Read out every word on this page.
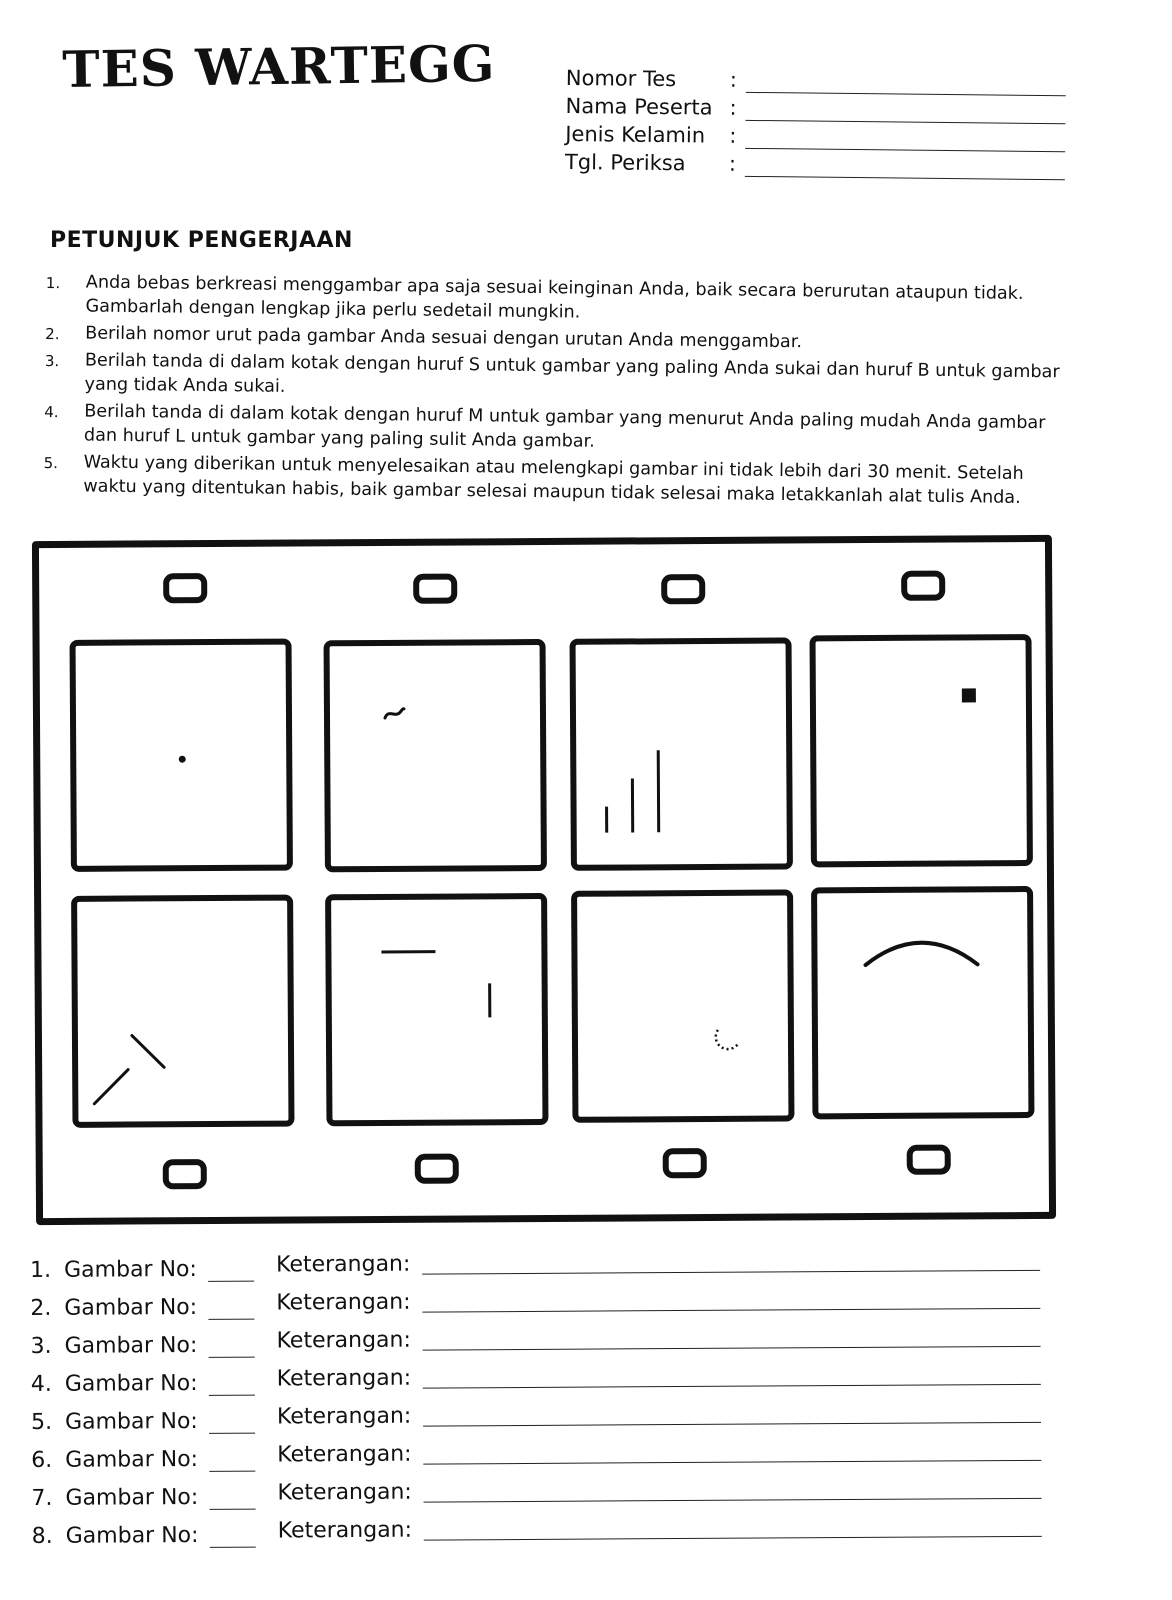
TES WARTEGG	Nomor Tes	:
Nama Peserta :
Jenis Kelamin :
Tgl. Periksa :
PETUNJUK PENGERJAAN
1. Anda bebas berkreasi menggambar apa saja sesuai keinginan Anda, baik secara berurutan ataupun tidak. Gambarlah dengan lengkap jika perlu sedetail mungkin.
2. Berilah nomor urut pada gambar Anda sesuai dengan urutan Anda menggambar.
3. Berilah tanda di dalam kotak dengan huruf S untuk gambar yang paling Anda sukai dan huruf B untuk gambar yang tidak Anda sukai.
4. Berilah tanda di dalam kotak dengan huruf M untuk gambar yang menurut Anda paling mudah Anda gambar dan huruf L untuk gambar yang paling sulit Anda gambar.
5. Waktu yang diberikan untuk menyelesaikan atau melengkapi gambar ini tidak lebih dari 30 menit. Setelah waktu yang ditentukan habis, baik gambar selesai maupun tidak selesai maka letakkanlah alat tulis Anda.
1. Gambar No:	Keterangan:
2. Gambar No:	Keterangan:
3. Gambar No:	Keterangan:
4. Gambar No:	Keterangan:
5. Gambar No:	Keterangan:
6. Gambar No:	Keterangan:
7. Gambar No:	Keterangan:
8. Gambar No:	Keterangan:
